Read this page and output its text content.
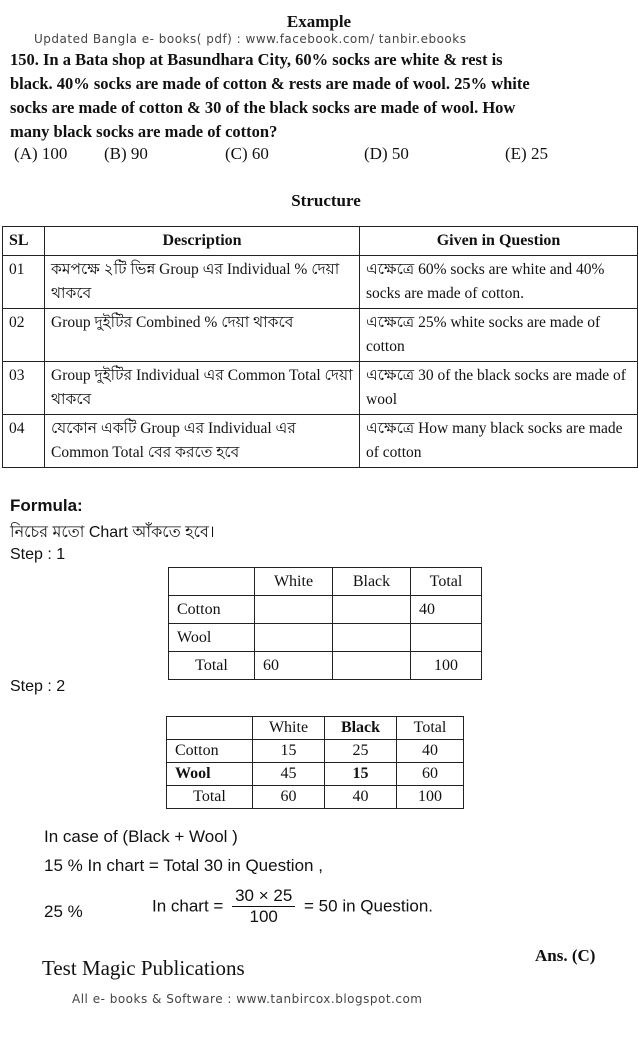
Updated Bangla e- books( pdf) : www.facebook.com/ tanbir.ebooks
Example
150. In a Bata shop at Basundhara City, 60% socks are white & rest is
black. 40% socks are made of cotton & rests are made of wool. 25% white
socks are made of cotton & 30 of the black socks are made of wool. How
many black socks are made of cotton?
(A) 100 (B) 90	(C) 60	(D) 50	(E) 25
Structure
SL	Description	Given in Question
01	কমপক্ষে ২টি ভিন্ন Group এর Individual % দেয়া থাকবে	এক্ষেত্রে 60% socks are white and 40% socks are made of cotton.
02	Group দুইটির Combined % দেয়া থাকবে	এক্ষেত্রে 25% white socks are made of cotton
03	Group দুইটির Individual এর Common Total দেয়া থাকবে	এক্ষেত্রে 30 of the black socks are made of wool
04	যেকোন একটি Group এর Individual এর Common Total বের করতে হবে	এক্ষেত্রে How many black socks are made of cotton
Formula:
নিচের মতো Chart আঁকতে হবে।
Step : 1
	White	Black	Total
Cotton			40
Wool			
Total	60		100
Step : 2
	White	Black	Total
Cotton	15	25	40
Wool	45	15	60
Total	60	40	100
In case of (Black + Wool )
15 % In chart = Total 30 in Question ,
25 %	In chart = $\frac{30 \times 25}{100} = 50$ in Question.
Test Magic Publications
Ans. (C)
All e- books & Software : www.tanbircox.blogspot.com
